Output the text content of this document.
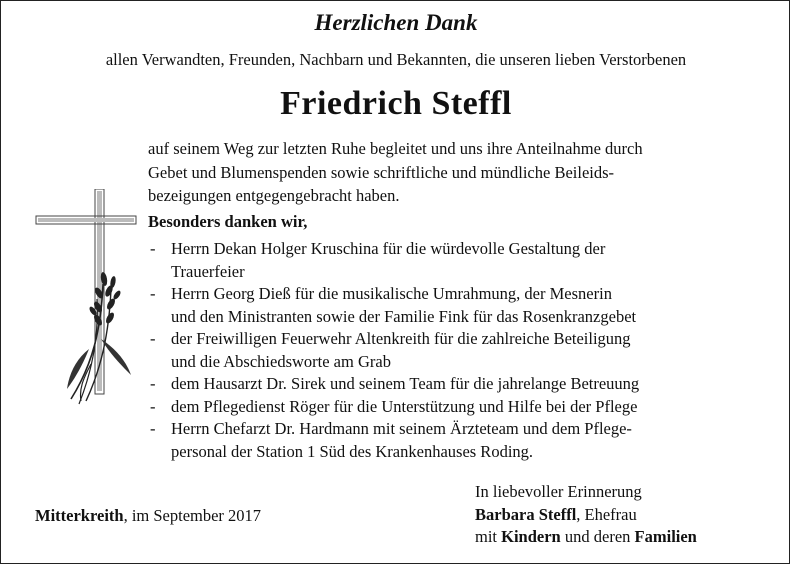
Herzlichen Dank
allen Verwandten, Freunden, Nachbarn und Bekannten, die unseren lieben Verstorbenen
Friedrich Steffl
auf seinem Weg zur letzten Ruhe begleitet und uns ihre Anteilnahme durch
Gebet und Blumenspenden sowie schriftliche und mündliche Beileids-
bezeigungen entgegengebracht haben.
Besonders danken wir,
- Herrn Dekan Holger Kruschina für die würdevolle Gestaltung der
Trauerfeier
- Herrn Georg Dieß für die musikalische Umrahmung, der Mesnerin
und den Ministranten sowie der Familie Fink für das Rosenkranzgebet
- der Freiwilligen Feuerwehr Altenkreith für die zahlreiche Beteiligung
und die Abschiedsworte am Grab
- dem Hausarzt Dr. Sirek und seinem Team für die jahrelange Betreuung
- dem Pflegedienst Röger für die Unterstützung und Hilfe bei der Pflege
- Herrn Chefarzt Dr. Hardmann mit seinem Ärzteteam und dem Pflege-
personal der Station 1 Süd des Krankenhauses Roding.
Mitterkreith, im September 2017
In liebevoller Erinnerung
Barbara Steffl, Ehefrau
mit Kindern und deren Familien
